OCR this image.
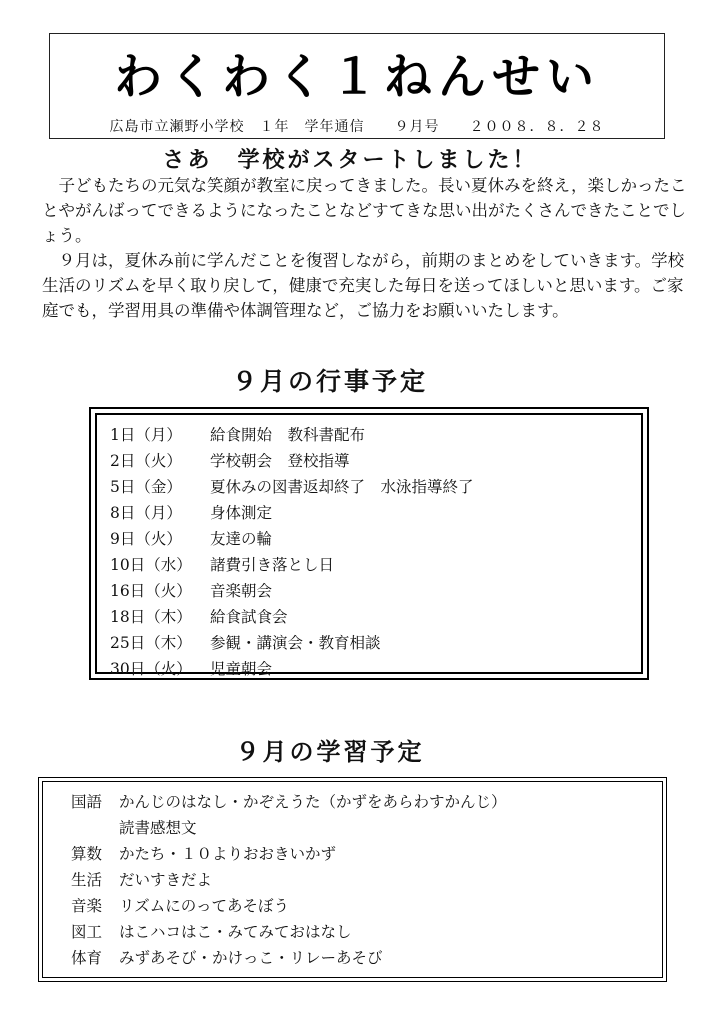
わくわく１ねんせい
広島市立瀬野小学校　１年　学年通信　　９月号　　２００８．８．２８
さあ　学校がスタートしました！

子どもたちの元気な笑顔が教室に戻ってきました。長い夏休みを終え，楽しかったことやがんばってできるようになったことなどすてきな思い出がたくさんできたことでしょう。

９月は，夏休み前に学んだことを復習しながら，前期のまとめをしていきます。学校生活のリズムを早く取り戻して，健康で充実した毎日を送ってほしいと思います。ご家庭でも，学習用具の準備や体調管理など，ご協力をお願いいたします。

９月の行事予定
1日（月） 給食開始　教科書配布
2日（火） 学校朝会　登校指導
5日（金） 夏休みの図書返却終了　水泳指導終了
8日（月） 身体測定
9日（火） 友達の輪
10日（水） 諸費引き落とし日
16日（火） 音楽朝会
18日（木） 給食試食会
25日（木） 参観・講演会・教育相談
30日（火） 児童朝会
９月の学習予定
国語 かんじのはなし・かぞえうた（かずをあらわすかんじ）
読書感想文
算数 かたち・１０よりおおきいかず
生活 だいすきだよ
音楽 リズムにのってあそぼう
図工 はこハコはこ・みてみておはなし
体育 みずあそび・かけっこ・リレーあそび
